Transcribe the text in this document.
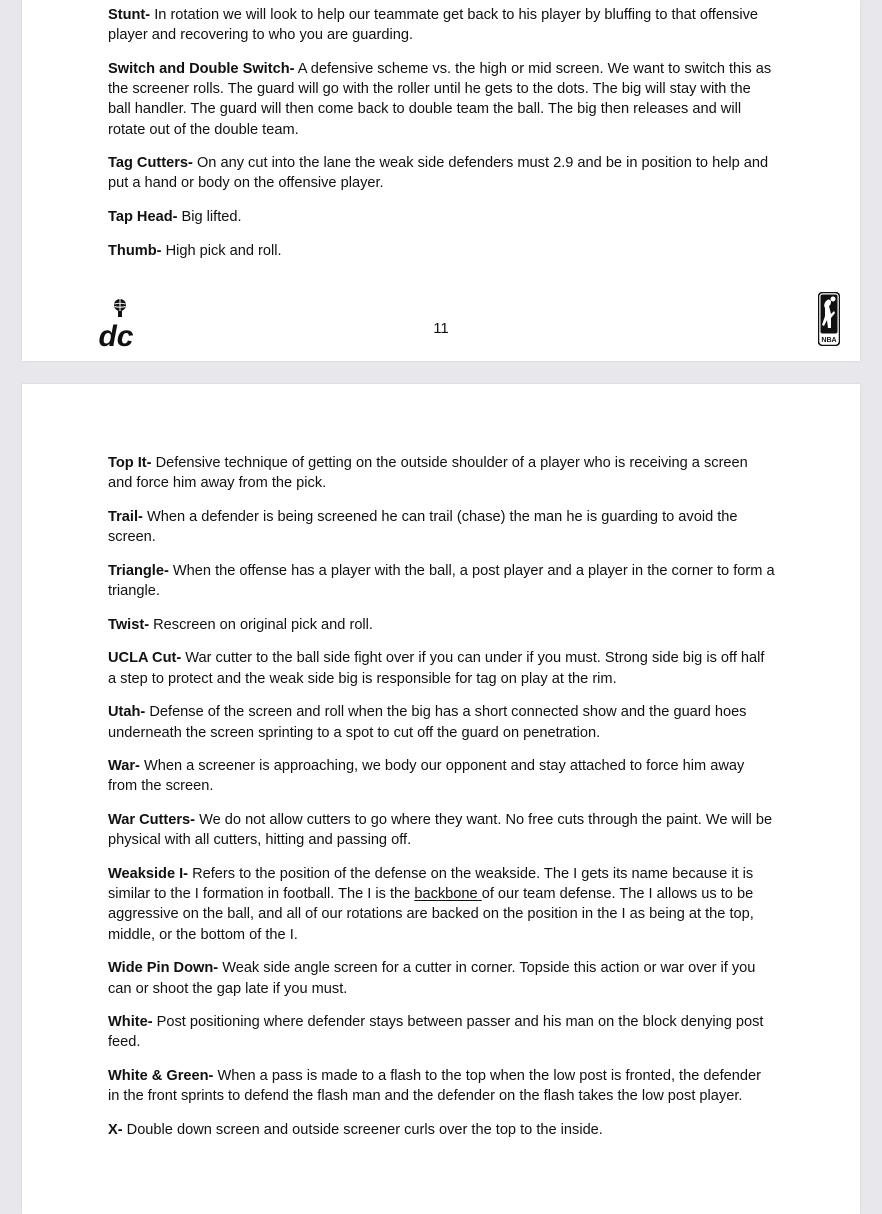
Stunt- In rotation we will look to help our teammate get back to his player by bluffing to that offensive player and recovering to who you are guarding.

Switch and Double Switch- A defensive scheme vs. the high or mid screen. We want to switch this as the screener rolls. The guard will go with the roller until he gets to the dots. The big will stay with the ball handler. The guard will then come back to double team the ball. The big then releases and will rotate out of the double team.

Tag Cutters- On any cut into the lane the weak side defenders must 2.9 and be in position to help and put a hand or body on the offensive player.

Tap Head- Big lifted.

Thumb- High pick and roll.

dc	11
NBA

Top It- Defensive technique of getting on the outside shoulder of a player who is receiving a screen and force him away from the pick.

Trail- When a defender is being screened he can trail (chase) the man he is guarding to avoid the screen.

Triangle- When the offense has a player with the ball, a post player and a player in the corner to form a triangle.

Twist- Rescreen on original pick and roll.

UCLA Cut- War cutter to the ball side fight over if you can under if you must. Strong side big is off half a step to protect and the weak side big is responsible for tag on play at the rim.

Utah- Defense of the screen and roll when the big has a short connected show and the guard hoes underneath the screen sprinting to a spot to cut off the guard on penetration.

War- When a screener is approaching, we body our opponent and stay attached to force him away from the screen.

War Cutters- We do not allow cutters to go where they want. No free cuts through the paint. We will be physical with all cutters, hitting and passing off.

Weakside I- Refers to the position of the defense on the weakside. The I gets its name because it is similar to the I formation in football. The I is the backbone of our team defense. The I allows us to be aggressive on the ball, and all of our rotations are backed on the position in the I as being at the top, middle, or the bottom of the I.

Wide Pin Down- Weak side angle screen for a cutter in corner. Topside this action or war over if you can or shoot the gap late if you must.

White- Post positioning where defender stays between passer and his man on the block denying post feed.

White & Green- When a pass is made to a flash to the top when the low post is fronted, the defender in the front sprints to defend the flash man and the defender on the flash takes the low post player.

X- Double down screen and outside screener curls over the top to the inside.
